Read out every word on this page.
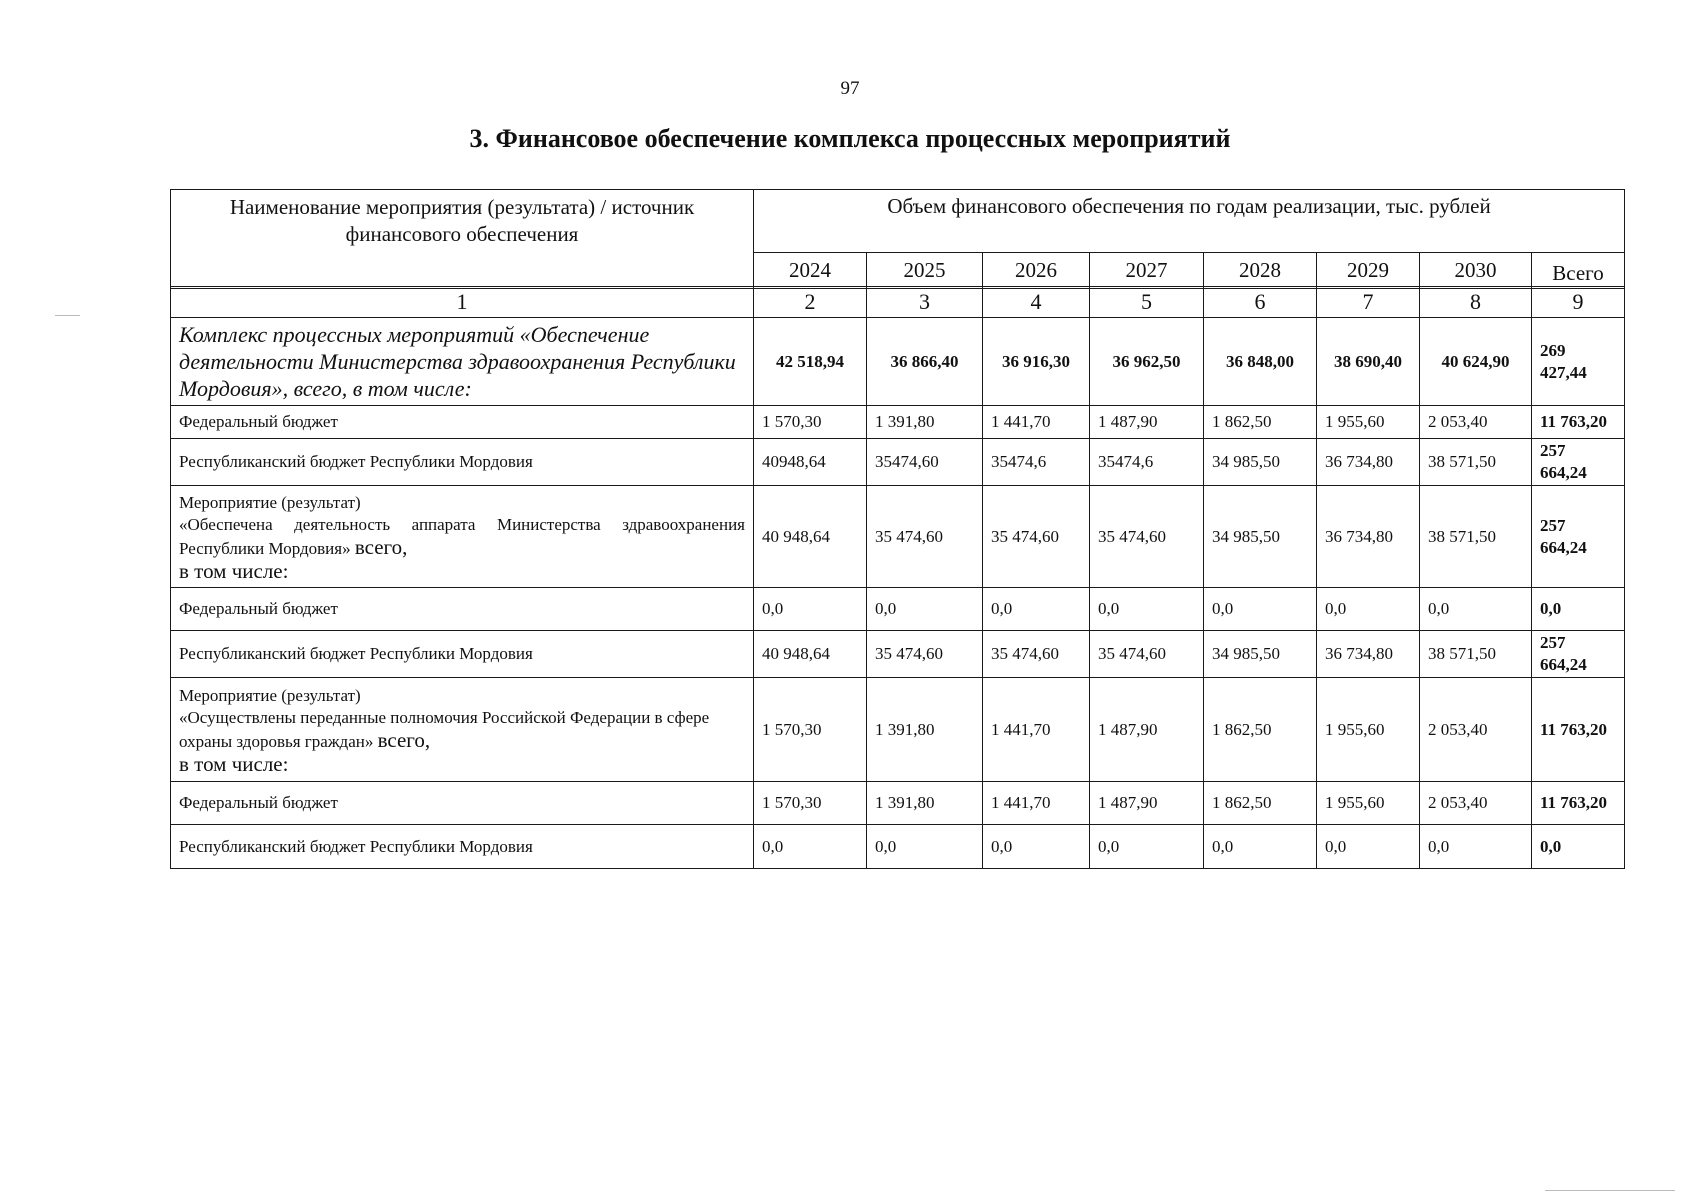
97
3. Финансовое обеспечение комплекса процессных мероприятий
Наименование мероприятия (результата) / источник финансового обеспечения	Объем финансового обеспечения по годам реализации, тыс. рублей							
	2024	2025	2026	2027	2028	2029	2030	Всего
1	2	3	4	5	6	7	8	9
Комплекс процессных мероприятий «Обеспечение деятельности Министерства здравоохранения Республики Мордовия», всего, в том числе:	42 518,94	36 866,40	36 916,30	36 962,50	36 848,00	38 690,40	40 624,90	269 427,44
Федеральный бюджет	1 570,30	1 391,80	1 441,70	1 487,90	1 862,50	1 955,60	2 053,40	11 763,20
Республиканский бюджет Республики Мордовия	40948,64	35474,60	35474,6	35474,6	34 985,50	36 734,80	38 571,50	257 664,24

Мероприятие (результат)
«Обеспечена деятельность аппарата Министерства здравоохранения Республики Мордовия» всего,
в том числе:	40 948,64	35 474,60	35 474,60	35 474,60	34 985,50	36 734,80	38 571,50	257 664,24
Федеральный бюджет	0,0	0,0	0,0	0,0	0,0	0,0	0,0	0,0
Республиканский бюджет Республики Мордовия	40 948,64	35 474,60	35 474,60	35 474,60	34 985,50	36 734,80	38 571,50	257 664,24

Мероприятие (результат)
«Осуществлены переданные полномочия Российской Федерации в сфере охраны здоровья граждан» всего,
в том числе:	1 570,30	1 391,80	1 441,70	1 487,90	1 862,50	1 955,60	2 053,40	11 763,20
Федеральный бюджет	1 570,30	1 391,80	1 441,70	1 487,90	1 862,50	1 955,60	2 053,40	11 763,20
Республиканский бюджет Республики Мордовия	0,0	0,0	0,0	0,0	0,0	0,0	0,0	0,0
